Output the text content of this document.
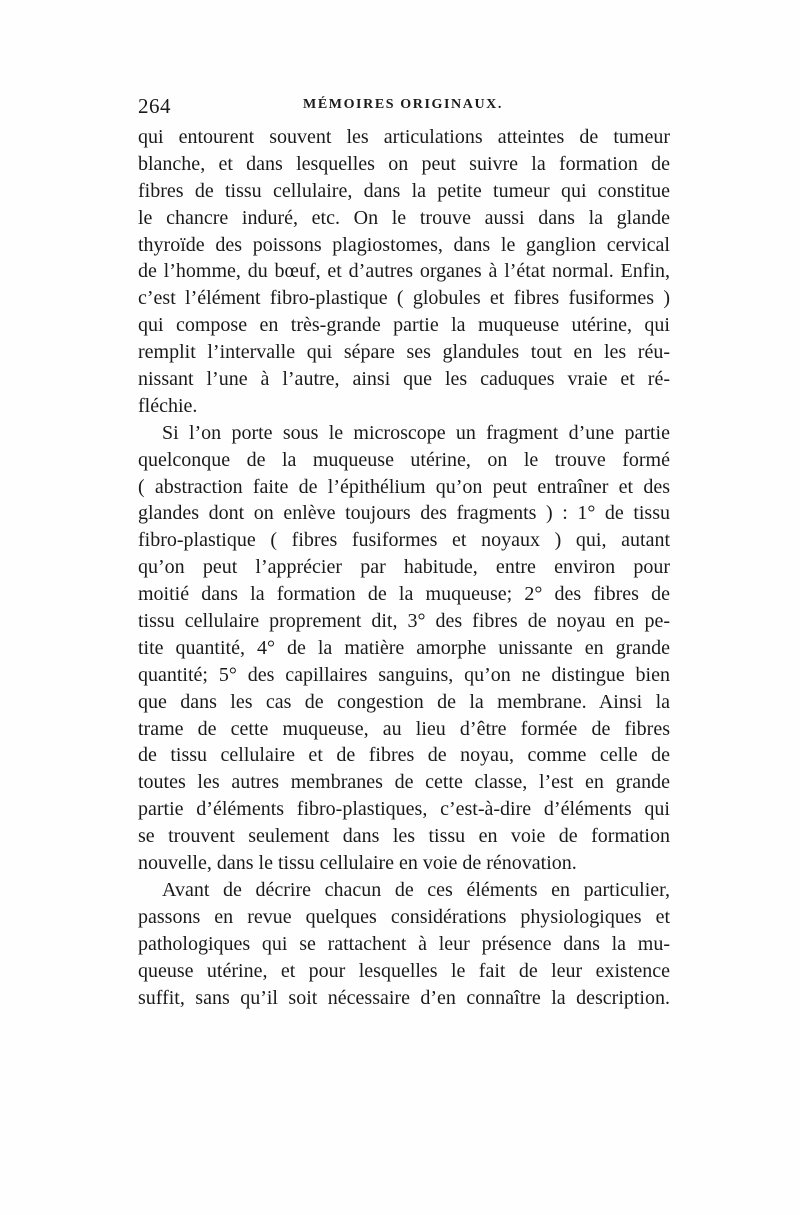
264	MÉMOIRES ORIGINAUX.
qui entourent souvent les articulations atteintes de tumeur
blanche, et dans lesquelles on peut suivre la formation de
fibres de tissu cellulaire, dans la petite tumeur qui constitue
le chancre induré, etc. On le trouve aussi dans la glande
thyroïde des poissons plagiostomes, dans le ganglion cervical
de l’homme, du bœuf, et d’autres organes à l’état normal. Enfin,
c’est l’élément fibro-plastique ( globules et fibres fusiformes )
qui compose en très-grande partie la muqueuse utérine, qui
remplit l’intervalle qui sépare ses glandules tout en les réu-
nissant l’une à l’autre, ainsi que les caduques vraie et ré-
fléchie.
Si l’on porte sous le microscope un fragment d’une partie
quelconque de la muqueuse utérine, on le trouve formé
( abstraction faite de l’épithélium qu’on peut entraîner et des
glandes dont on enlève toujours des fragments ) : 1° de tissu
fibro-plastique ( fibres fusiformes et noyaux ) qui, autant
qu’on peut l’apprécier par habitude, entre environ pour
moitié dans la formation de la muqueuse; 2° des fibres de
tissu cellulaire proprement dit, 3° des fibres de noyau en pe-
tite quantité, 4° de la matière amorphe unissante en grande
quantité; 5° des capillaires sanguins, qu’on ne distingue bien
que dans les cas de congestion de la membrane. Ainsi la
trame de cette muqueuse, au lieu d’être formée de fibres
de tissu cellulaire et de fibres de noyau, comme celle de
toutes les autres membranes de cette classe, l’est en grande
partie d’éléments fibro-plastiques, c’est-à-dire d’éléments qui
se trouvent seulement dans les tissu en voie de formation
nouvelle, dans le tissu cellulaire en voie de rénovation.
Avant de décrire chacun de ces éléments en particulier,
passons en revue quelques considérations physiologiques et
pathologiques qui se rattachent à leur présence dans la mu-
queuse utérine, et pour lesquelles le fait de leur existence
suffit, sans qu’il soit nécessaire d’en connaître la description.
